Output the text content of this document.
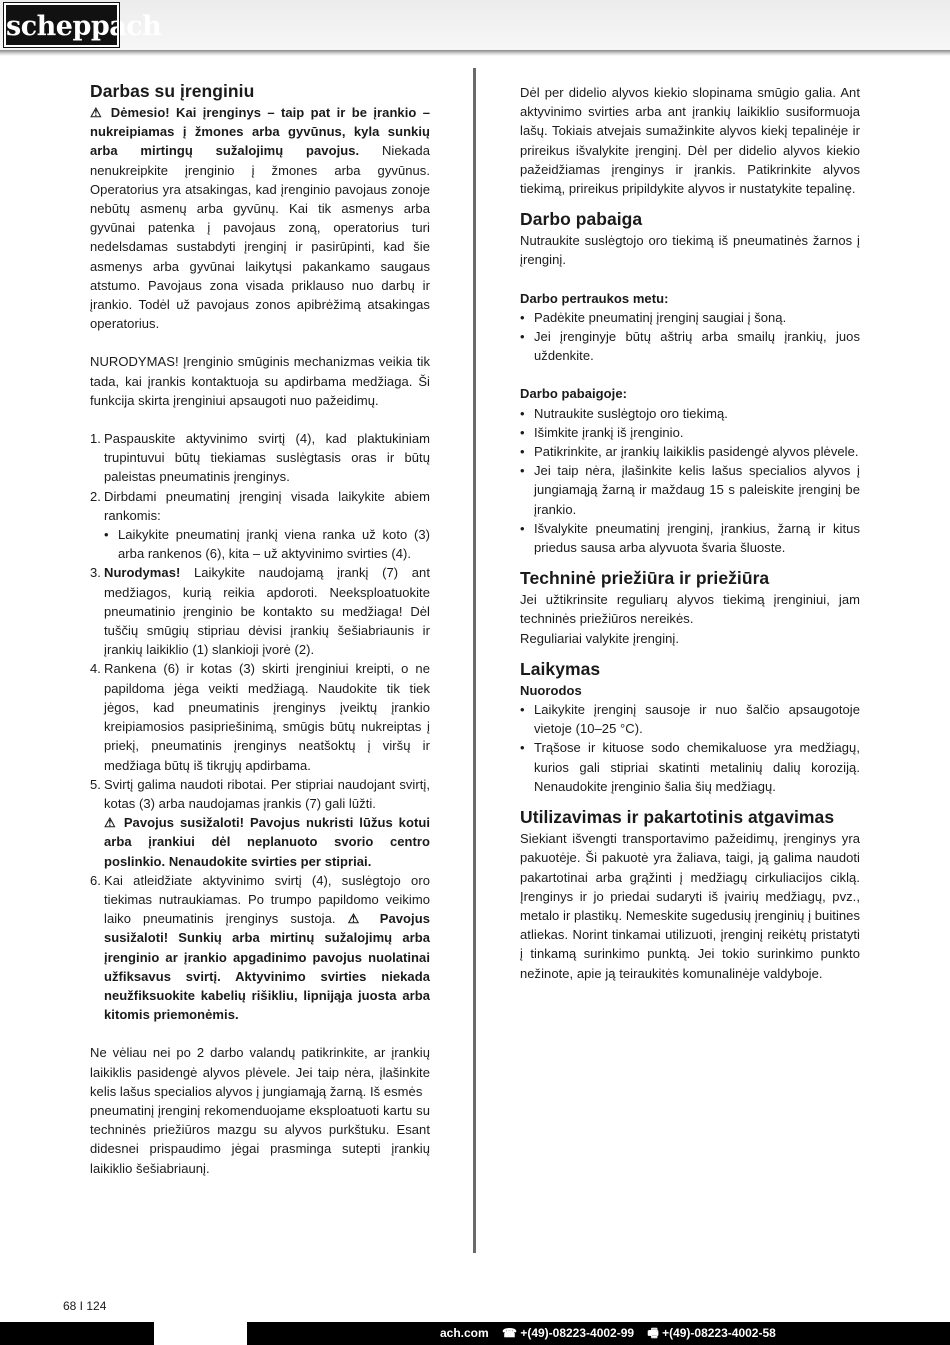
scheppach
Darbas su įrenginiu

⚠ Dėmesio! Kai įrenginys – taip pat ir be įrankio – nukreipiamas į žmones arba gyvūnus, kyla sunkių arba mirtingų sužalojimų pavojus. Niekada nenukreipkite įrenginio į žmones arba gyvūnus. Operatorius yra atsakingas, kad įrenginio pavojaus zonoje nebūtų asmenų arba gyvūnų. Kai tik asmenys arba gyvūnai patenka į pavojaus zoną, operatorius turi nedelsdamas sustabdyti įrenginį ir pasirūpinti, kad šie asmenys arba gyvūnai laikytųsi pakankamo saugaus atstumo. Pavojaus zona visada priklauso nuo darbų ir įrankio. Todėl už pavojaus zonos apibrėžimą atsakingas operatorius.

NURODYMAS! Įrenginio smūginis mechanizmas veikia tik tada, kai įrankis kontaktuoja su apdirbama medžiaga. Ši funkcija skirta įrenginiui apsaugoti nuo pažeidimų.

1. Paspauskite aktyvinimo svirtį (4), kad plaktukiniam trupintuvui būtų tiekiamas suslėgtasis oras ir būtų paleistas pneumatinis įrenginys.
2. Dirbdami pneumatinį įrenginį visada laikykite abiem rankomis:
• Laikykite pneumatinį įrankį viena ranka už koto (3) arba rankenos (6), kita – už aktyvinimo svirties (4).
3. Nurodymas! Laikykite naudojamą įrankį (7) ant medžiagos, kurią reikia apdoroti. Neeksploatuokite pneumatinio įrenginio be kontakto su medžiaga! Dėl tuščių smūgių stipriau dėvisi įrankių šešiabriaunis ir įrankių laikiklio (1) slankioji įvorė (2).
4. Rankena (6) ir kotas (3) skirti įrenginiui kreipti, o ne papildoma jėga veikti medžiagą. Naudokite tik tiek jėgos, kad pneumatinis įrenginys įveiktų įrankio kreipiamosios pasipriešinimą, smūgis būtų nukreiptas į priekį, pneumatinis įrenginys neatšoktų į viršų ir medžiaga būtų iš tikrųjų apdirbama.
5. Svirtį galima naudoti ribotai. Per stipriai naudojant svirtį, kotas (3) arba naudojamas įrankis (7) gali lūžti.
⚠ Pavojus susižaloti! Pavojus nukristi lūžus kotui arba įrankiui dėl neplanuoto svorio centro poslinkio. Nenaudokite svirties per stipriai.
6. Kai atleidžiate aktyvinimo svirtį (4), suslėgtojo oro tiekimas nutraukiamas. Po trumpo papildomo veikimo laiko pneumatinis įrenginys sustoja. ⚠ Pavojus susižaloti! Sunkių arba mirtinų sužalojimų arba įrenginio ar įrankio apgadinimo pavojus nuolatinai užfiksavus svirtį. Aktyvinimo svirties niekada neužfiksuokite kabelių rišikliu, lipnijąja juosta arba kitomis priemonėmis.

Ne vėliau nei po 2 darbo valandų patikrinkite, ar įrankių laikiklis pasidengė alyvos plėvele. Jei taip nėra, įlašinkite kelis lašus specialios alyvos į jungiamąją žarną. Iš esmės

pneumatinį įrenginį rekomenduojame eksploatuoti kartu su techninės priežiūros mazgu su alyvos purkštuku. Esant didesnei prispaudimo jėgai prasminga sutepti įrankių laikiklio šešiabriaunį.

Dėl per didelio alyvos kiekio slopinama smūgio galia. Ant aktyvinimo svirties arba ant įrankių laikiklio susiformuoja lašų. Tokiais atvejais sumažinkite alyvos kiekį tepalinėje ir prireikus išvalykite įrenginį. Dėl per didelio alyvos kiekio pažeidžiamas įrenginys ir įrankis. Patikrinkite alyvos tiekimą, prireikus pripildykite alyvos ir nustatykite tepalinę.

Darbo pabaiga

Nutraukite suslėgtojo oro tiekimą iš pneumatinės žarnos į įrenginį.

Darbo pertraukos metu:
• Padėkite pneumatinį įrenginį saugiai į šoną.
• Jei įrenginyje būtų aštrių arba smailų įrankių, juos uždenkite.
Darbo pabaigoje:
• Nutraukite suslėgtojo oro tiekimą.
• Išimkite įrankį iš įrenginio.
• Patikrinkite, ar įrankių laikiklis pasidengė alyvos plėvele.
• Jei taip nėra, įlašinkite kelis lašus specialios alyvos į jungiamąją žarną ir maždaug 15 s paleiskite įrenginį be įrankio.
• Išvalykite pneumatinį įrenginį, įrankius, žarną ir kitus priedus sausa arba alyvuota švaria šluoste.
Techninė priežiūra ir priežiūra

Jei užtikrinsite reguliarų alyvos tiekimą įrenginiui, jam techninės priežiūros nereikės.

Reguliariai valykite įrenginį.

Laikymas
Nuorodos
• Laikykite įrenginį sausoje ir nuo šalčio apsaugotoje vietoje (10–25 °C).
• Trąšose ir kituose sodo chemikaluose yra medžiagų, kurios gali stipriai skatinti metalinių dalių koroziją. Nenaudokite įrenginio šalia šių medžiagų.
Utilizavimas ir pakartotinis atgavimas

Siekiant išvengti transportavimo pažeidimų, įrenginys yra pakuotėje. Ši pakuotė yra žaliava, taigi, ją galima naudoti pakartotinai arba grąžinti į medžiagų cirkuliacijos ciklą. Įrenginys ir jo priedai sudaryti iš įvairių medžiagų, pvz., metalo ir plastikų. Nemeskite sugedusių įrenginių į buitines atliekas. Norint tinkamai utilizuoti, įrenginį reikėtų pristatyti į tinkamą surinkimo punktą. Jei tokio surinkimo punkto nežinote, apie ją teiraukitės komunalinėje valdyboje.

68 I 124
ach.com ☎ +(49)-08223-4002-99 🖷 +(49)-08223-4002-58
